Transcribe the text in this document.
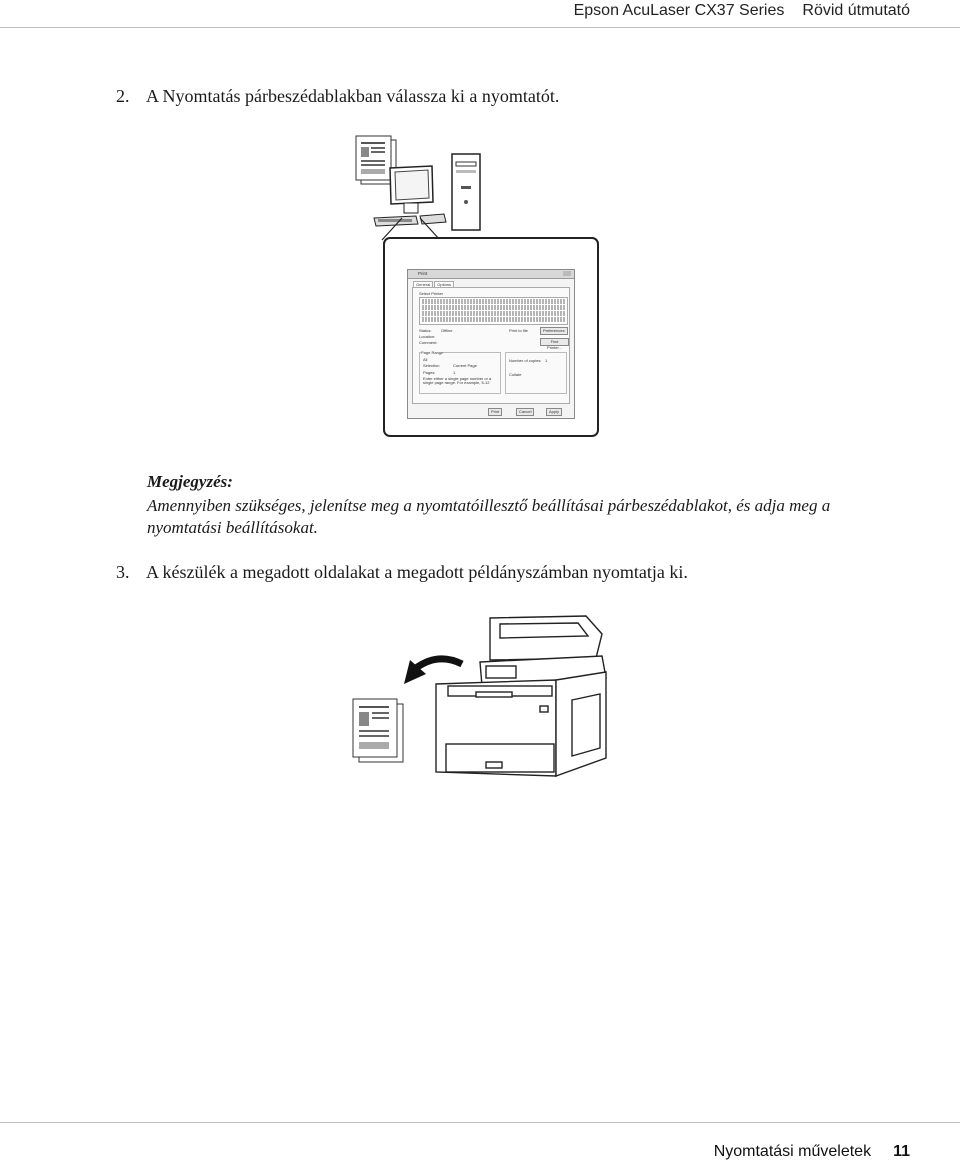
Epson AcuLaser CX37 Series Rövid útmutató
2. A Nyomtatás párbeszédablakban válassza ki a nyomtatót.
Print
General Options
Select Printer
Status: Offline
Location:
Comment:
Print to file	Preferences
Find Printer...
Page Range
All
Selection	Current Page
Pages:	1
Enter either a single page number or a single page range. For example, 5-12
Number of copies: 1
Collate
Print	Cancel	Apply
Megjegyzés:
Amennyiben szükséges, jelenítse meg a nyomtatóillesztő beállításai párbeszédablakot, és adja meg a nyomtatási beállításokat.
3. A készülék a megadott oldalakat a megadott példányszámban nyomtatja ki.
Nyomtatási műveletek 11
